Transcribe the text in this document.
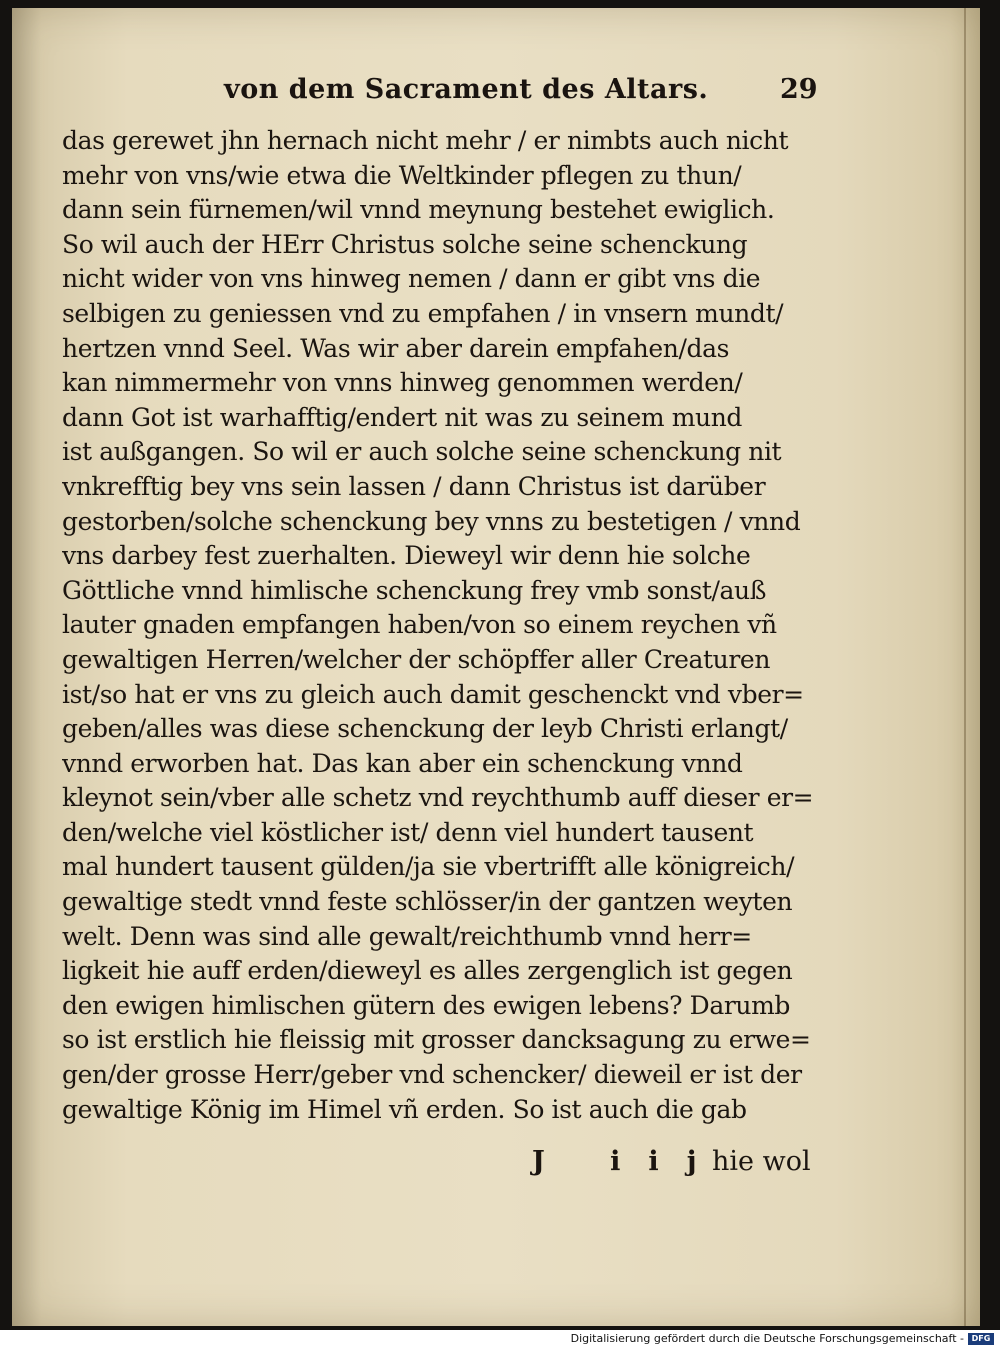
von dem Sacrament des Altars.	29
das gerewet jhn hernach nicht mehr / er nimbts auch nicht
mehr von vns/wie etwa die Weltkinder pflegen zu thun/
dann sein fürnemen/wil vnnd meynung bestehet ewiglich.
So wil auch der HErr Christus solche seine schenckung
nicht wider von vns hinweg nemen / dann er gibt vns die
selbigen zu geniessen vnd zu empfahen / in vnsern mundt/
hertzen vnnd Seel. Was wir aber darein empfahen/das
kan nimmermehr von vnns hinweg genommen werden/
dann Got ist warhafftig/endert nit was zu seinem mund
ist außgangen. So wil er auch solche seine schenckung nit
vnkrefftig bey vns sein lassen / dann Christus ist darüber
gestorben/solche schenckung bey vnns zu bestetigen / vnnd
vns darbey fest zuerhalten. Dieweyl wir denn hie solche
Göttliche vnnd himlische schenckung frey vmb sonst/auß
lauter gnaden empfangen haben/von so einem reychen vñ
gewaltigen Herren/welcher der schöpffer aller Creaturen
ist/so hat er vns zu gleich auch damit geschenckt vnd vber=
geben/alles was diese schenckung der leyb Christi erlangt/
vnnd erworben hat. Das kan aber ein schenckung vnnd
kleynot sein/vber alle schetz vnd reychthumb auff dieser er=
den/welche viel köstlicher ist/ denn viel hundert tausent
mal hundert tausent gülden/ja sie vbertrifft alle königreich/
gewaltige stedt vnnd feste schlösser/in der gantzen weyten
welt. Denn was sind alle gewalt/reichthumb vnnd herr=
ligkeit hie auff erden/dieweyl es alles zergenglich ist gegen
den ewigen himlischen gütern des ewigen lebens? Darumb
so ist erstlich hie fleissig mit grosser dancksagung zu erwe=
gen/der grosse Herr/geber vnd schencker/ dieweil er ist der
gewaltige König im Himel vñ erden. So ist auch die gab
J iij
hie wol
Digitalisierung gefördert durch die Deutsche Forschungsgemeinschaft - DFG
